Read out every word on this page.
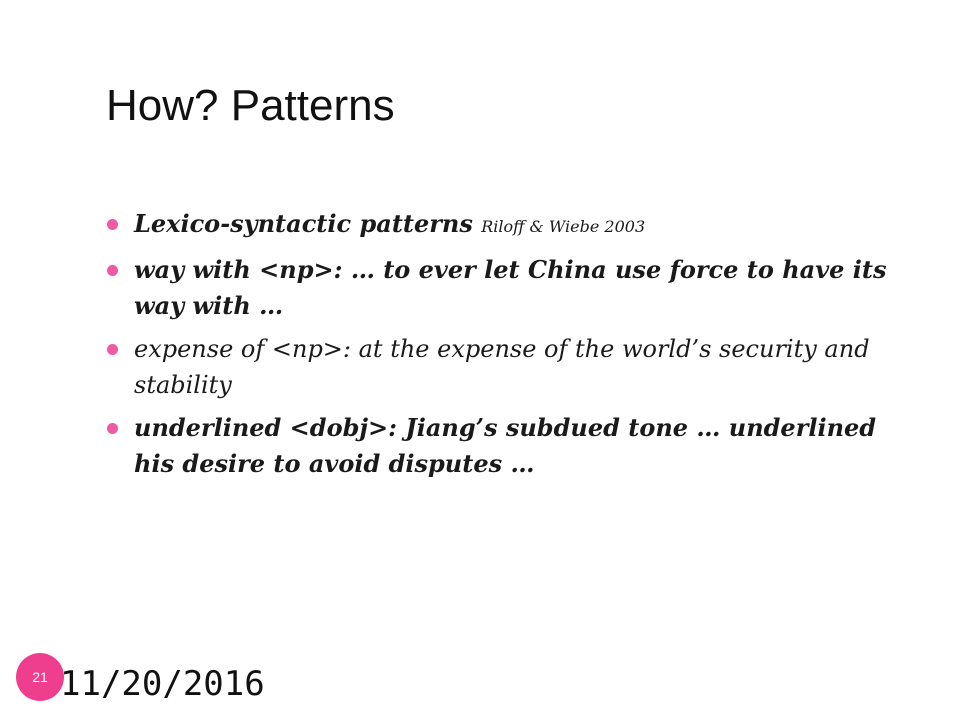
How? Patterns
Lexico-syntactic patterns Riloff & Wiebe 2003
way with <np>: … to ever let China use force to have its way with …
expense of <np>: at the expense of the world’s security and stability
underlined <dobj>: Jiang’s subdued tone … underlined his desire to avoid disputes …
21 11/20/2016
